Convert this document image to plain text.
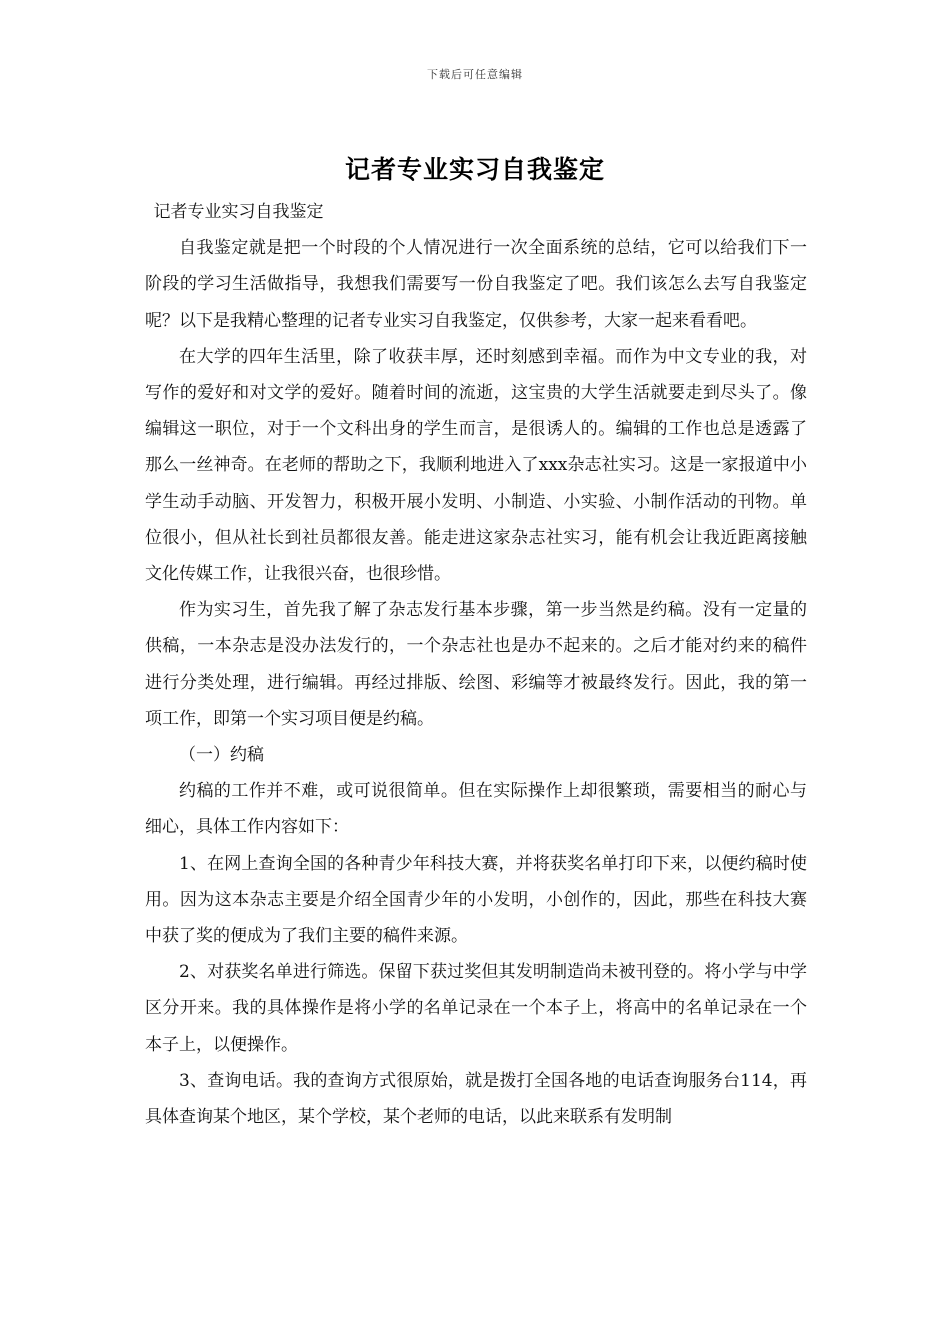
下载后可任意编辑
记者专业实习自我鉴定

记者专业实习自我鉴定

自我鉴定就是把一个时段的个人情况进行一次全面系统的总结，它可以给我们下一阶段的学习生活做指导，我想我们需要写一份自我鉴定了吧。我们该怎么去写自我鉴定呢？以下是我精心整理的记者专业实习自我鉴定，仅供参考，大家一起来看看吧。

在大学的四年生活里，除了收获丰厚，还时刻感到幸福。而作为中文专业的我，对写作的爱好和对文学的爱好。随着时间的流逝，这宝贵的大学生活就要走到尽头了。像编辑这一职位，对于一个文科出身的学生而言，是很诱人的。编辑的工作也总是透露了那么一丝神奇。在老师的帮助之下，我顺利地进入了xxx杂志社实习。这是一家报道中小学生动手动脑、开发智力，积极开展小发明、小制造、小实验、小制作活动的刊物。单位很小，但从社长到社员都很友善。能走进这家杂志社实习，能有机会让我近距离接触文化传媒工作，让我很兴奋，也很珍惜。

作为实习生，首先我了解了杂志发行基本步骤，第一步当然是约稿。没有一定量的供稿，一本杂志是没办法发行的，一个杂志社也是办不起来的。之后才能对约来的稿件进行分类处理，进行编辑。再经过排版、绘图、彩编等才被最终发行。因此，我的第一项工作，即第一个实习项目便是约稿。

（一）约稿

约稿的工作并不难，或可说很简单。但在实际操作上却很繁琐，需要相当的耐心与细心，具体工作内容如下：

1、在网上查询全国的各种青少年科技大赛，并将获奖名单打印下来，以便约稿时使用。因为这本杂志主要是介绍全国青少年的小发明，小创作的，因此，那些在科技大赛中获了奖的便成为了我们主要的稿件来源。

2、对获奖名单进行筛选。保留下获过奖但其发明制造尚未被刊登的。将小学与中学区分开来。我的具体操作是将小学的名单记录在一个本子上，将高中的名单记录在一个本子上，以便操作。

3、查询电话。我的查询方式很原始，就是拨打全国各地的电话查询服务台114，再具体查询某个地区，某个学校，某个老师的电话，以此来联系有发明制
